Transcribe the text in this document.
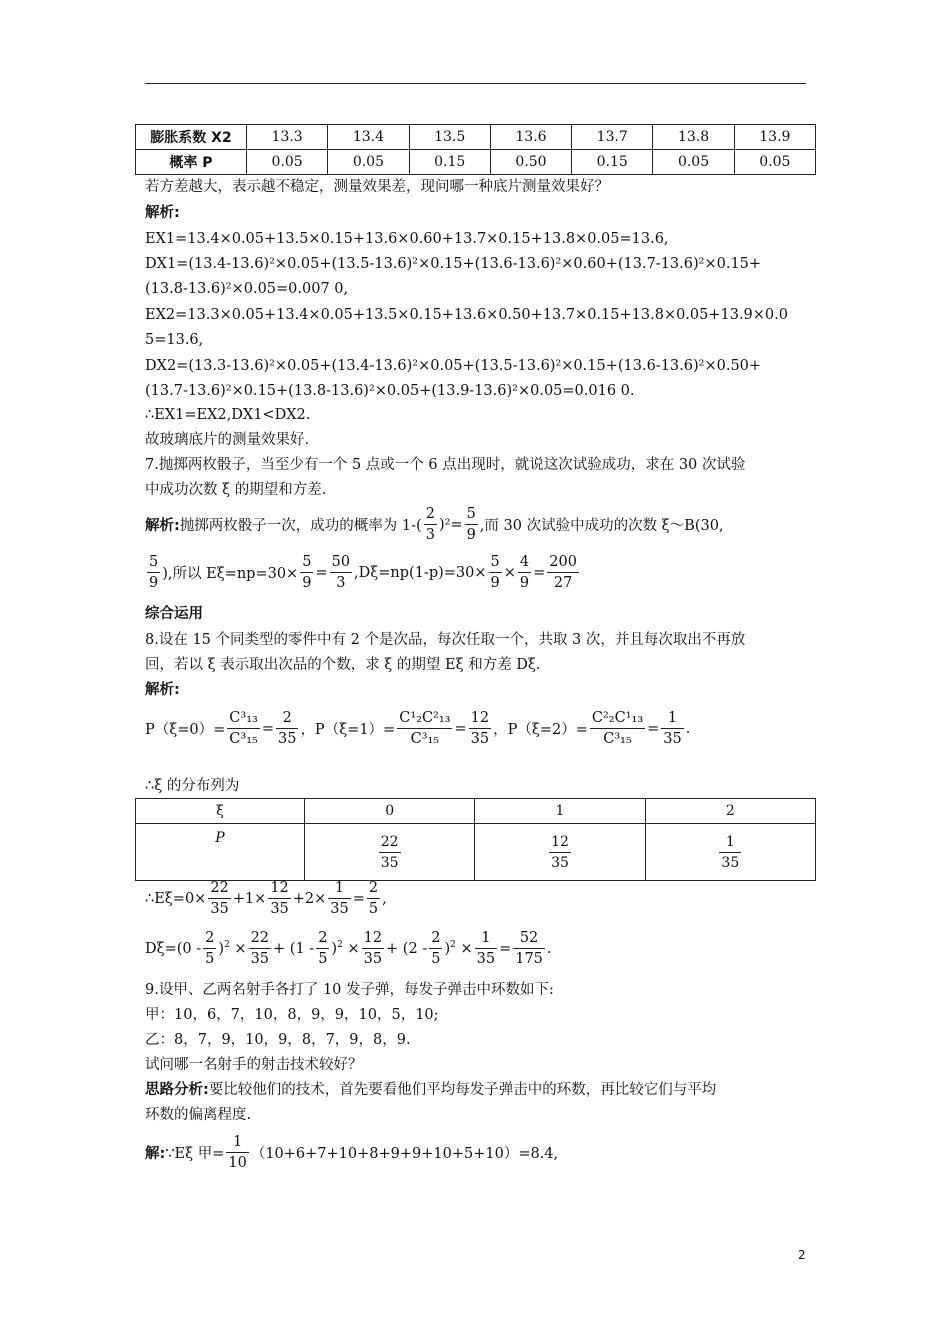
膨胀系数 X2	13.3	13.4	13.5	13.6	13.7	13.8	13.9
概率 P	0.05	0.05	0.15	0.50	0.15	0.05	0.05
若方差越大，表示越不稳定，测量效果差，现问哪一种底片测量效果好？
解析:
EX1=13.4×0.05+13.5×0.15+13.6×0.60+13.7×0.15+13.8×0.05=13.6,
DX1=(13.4-13.6)²×0.05+(13.5-13.6)²×0.15+(13.6-13.6)²×0.60+(13.7-13.6)²×0.15+
(13.8-13.6)²×0.05=0.007 0,
EX2=13.3×0.05+13.4×0.05+13.5×0.15+13.6×0.50+13.7×0.15+13.8×0.05+13.9×0.0
5=13.6,
DX2=(13.3-13.6)²×0.05+(13.4-13.6)²×0.05+(13.5-13.6)²×0.15+(13.6-13.6)²×0.50+
(13.7-13.6)²×0.15+(13.8-13.6)²×0.05+(13.9-13.6)²×0.05=0.016 0.
∴EX1=EX2,DX1<DX2.
故玻璃底片的测量效果好.
7.抛掷两枚骰子，当至少有一个 5 点或一个 6 点出现时，就说这次试验成功，求在 30 次试验
中成功次数 ξ 的期望和方差.
解析: 抛掷两枚骰子一次，成功的概率为 $1-( \frac{2}{3} )^2= \frac{5}{9}$ ,而 30 次试验中成功的次数 ξ～B(30,
$\frac{5}{9}$ ),所以 $E\xi=np=30\times \frac{5}{9} = \frac{50}{3} ,D\xi=np(1-p)=30\times \frac{5}{9} \times \frac{4}{9} = \frac{200}{27}$
综合运用
8.设在 15 个同类型的零件中有 2 个是次品，每次任取一个，共取 3 次，并且每次取出不再放
回，若以 ξ 表示取出次品的个数，求 ξ 的期望 Eξ 和方差 Dξ.
解析:
$P(\xi=0)= \frac{\text{C³₁₃}}{\text{C³₁₅}} = \frac{2}{35}$ ，$P(\xi=1)= \frac{\text{C¹₂C²₁₃}}{\text{C³₁₅}} = \frac{12}{35}$ ，$P(\xi=2)= \frac{\text{C²₂C¹₁₃}}{\text{C³₁₅}} = \frac{1}{35}$ .
∴ξ 的分布列为
ξ	0	1	2
P	$\frac{22}{35}$	$\frac{12}{35}$	$\frac{1}{35}$
∴Eξ=0× $\frac{22}{35} +1\times \frac{12}{35} +2\times \frac{1}{35} = \frac{2}{5}$ ,
$D\xi= (0 - \frac{2}{5} )^2 \times \frac{22}{35} + (1 - \frac{2}{5} )^2 \times \frac{12}{35} + (2 - \frac{2}{5} )^2 \times \frac{1}{35} = \frac{52}{175}$ .
9.设甲、乙两名射手各打了 10 发子弹，每发子弹击中环数如下:
甲：10，6，7，10，8，9，9，10，5，10;
乙：8，7，9，10，9，8，7，9，8，9.
试问哪一名射手的射击技术较好？
思路分析:要比较他们的技术，首先要看他们平均每发子弹击中的环数，再比较它们与平均
环数的偏离程度.
解: ∵Eξ 甲= $\frac{1}{10} (10+6+7+10+8+9+9+10+5+10)=8.4$,
2
